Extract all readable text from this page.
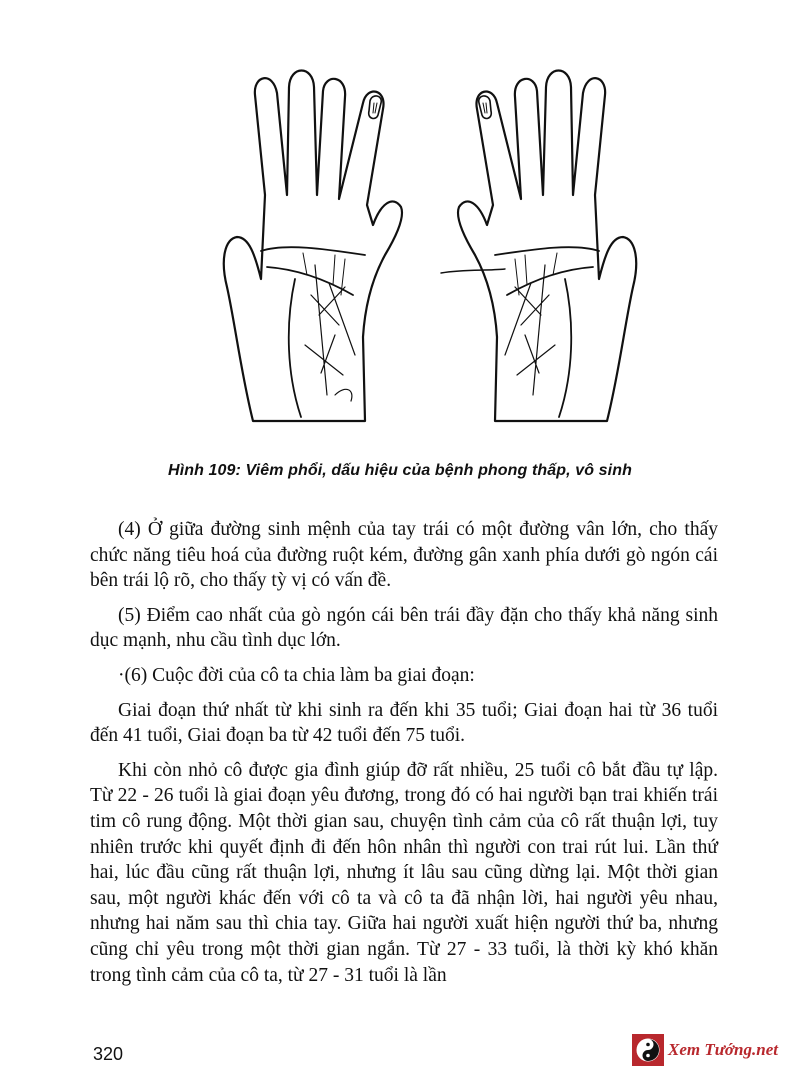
Hình 109: Viêm phổi, dấu hiệu của bệnh phong thấp, vô sinh

(4) Ở giữa đường sinh mệnh của tay trái có một đường vân lớn, cho thấy chức năng tiêu hoá của đường ruột kém, đường gân xanh phía dưới gò ngón cái bên trái lộ rõ, cho thấy tỳ vị có vấn đề.

(5) Điểm cao nhất của gò ngón cái bên trái đầy đặn cho thấy khả năng sinh dục mạnh, nhu cầu tình dục lớn.

·(6) Cuộc đời của cô ta chia làm ba giai đoạn:

Giai đoạn thứ nhất từ khi sinh ra đến khi 35 tuổi; Giai đoạn hai từ 36 tuổi đến 41 tuổi, Giai đoạn ba từ 42 tuổi đến 75 tuổi.

Khi còn nhỏ cô được gia đình giúp đỡ rất nhiều, 25 tuổi cô bắt đầu tự lập. Từ 22 - 26 tuổi là giai đoạn yêu đương, trong đó có hai người bạn trai khiến trái tim cô rung động. Một thời gian sau, chuyện tình cảm của cô rất thuận lợi, tuy nhiên trước khi quyết định đi đến hôn nhân thì người con trai rút lui. Lần thứ hai, lúc đầu cũng rất thuận lợi, nhưng ít lâu sau cũng dừng lại. Một thời gian sau, một người khác đến với cô ta và cô ta đã nhận lời, hai người yêu nhau, nhưng hai năm sau thì chia tay. Giữa hai người xuất hiện người thứ ba, nhưng cũng chỉ yêu trong một thời gian ngắn. Từ 27 - 33 tuổi, là thời kỳ khó khăn trong tình cảm của cô ta, từ 27 - 31 tuổi là lần

320	Xem Tướng.net
